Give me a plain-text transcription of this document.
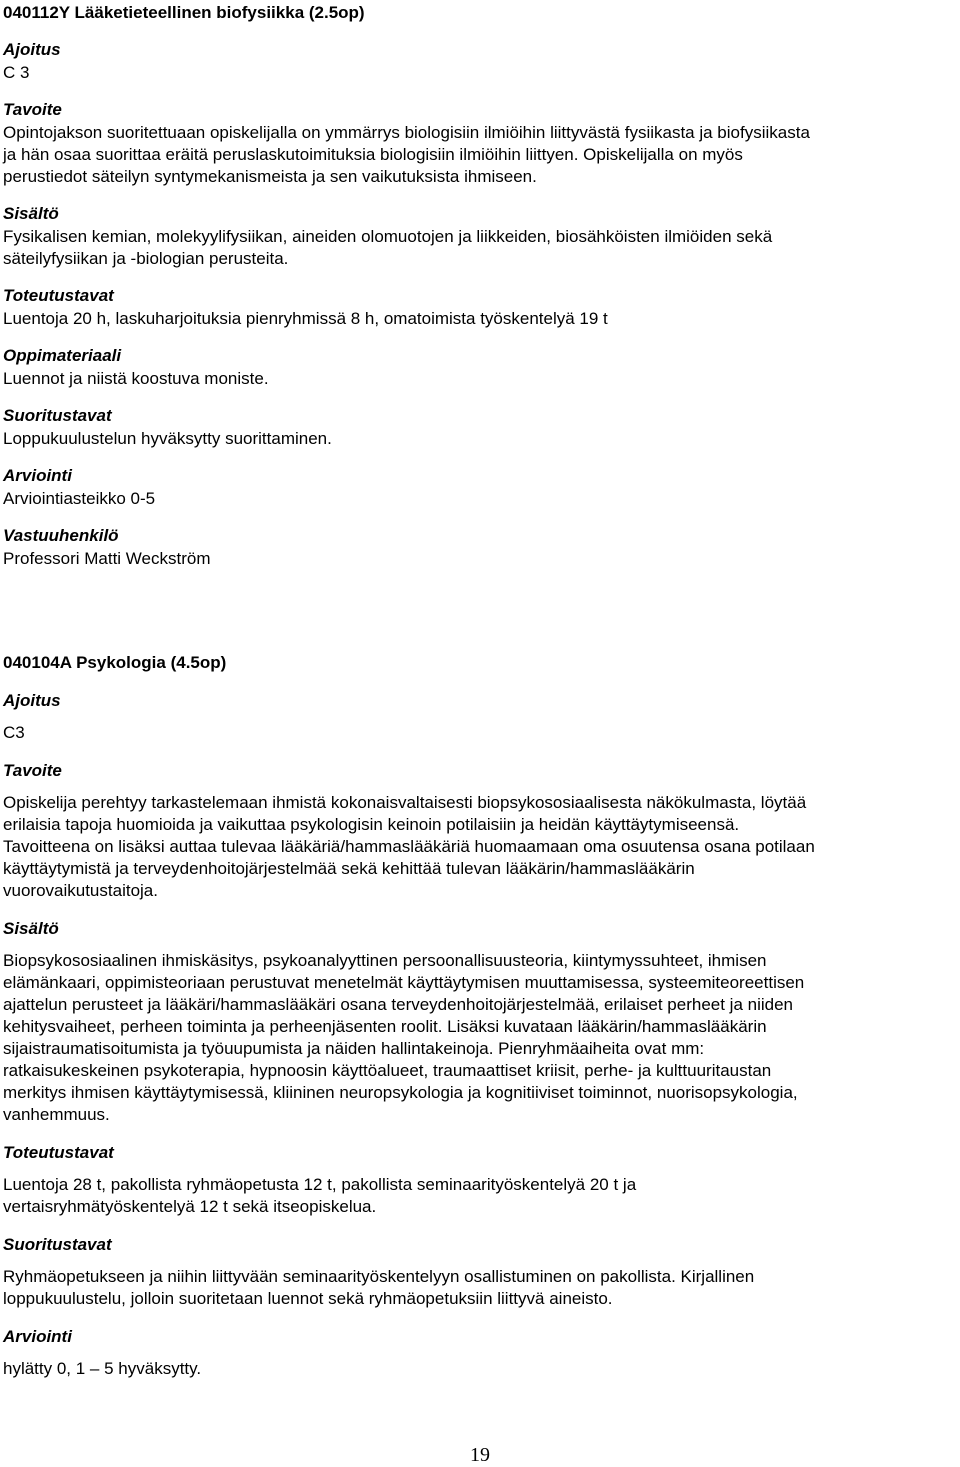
040112Y Lääketieteellinen biofysiikka (2.5op)

Ajoitus

C 3

Tavoite

Opintojakson suoritettuaan opiskelijalla on ymmärrys biologisiin ilmiöihin liittyvästä fysiikasta ja biofysiikasta
ja hän osaa suorittaa eräitä peruslaskutoimituksia biologisiin ilmiöihin liittyen. Opiskelijalla on myös
perustiedot säteilyn syntymekanismeista ja sen vaikutuksista ihmiseen.

Sisältö

Fysikalisen kemian, molekyylifysiikan, aineiden olomuotojen ja liikkeiden, biosähköisten ilmiöiden sekä
säteilyfysiikan ja -biologian perusteita.

Toteutustavat

Luentoja 20 h, laskuharjoituksia pienryhmissä 8 h, omatoimista työskentelyä 19 t

Oppimateriaali

Luennot ja niistä koostuva moniste.

Suoritustavat

Loppukuulustelun hyväksytty suorittaminen.

Arviointi

Arviointiasteikko 0-5

Vastuuhenkilö

Professori Matti Weckström

040104A Psykologia (4.5op)

Ajoitus

C3

Tavoite

Opiskelija perehtyy tarkastelemaan ihmistä kokonaisvaltaisesti biopsykososiaalisesta näkökulmasta, löytää
erilaisia tapoja huomioida ja vaikuttaa psykologisin keinoin potilaisiin ja heidän käyttäytymiseensä.
Tavoitteena on lisäksi auttaa tulevaa lääkäriä/hammaslääkäriä huomaamaan oma osuutensa osana potilaan
käyttäytymistä ja terveydenhoitojärjestelmää sekä kehittää tulevan lääkärin/hammaslääkärin
vuorovaikutustaitoja.

Sisältö

Biopsykososiaalinen ihmiskäsitys, psykoanalyyttinen persoonallisuusteoria, kiintymyssuhteet, ihmisen
elämänkaari, oppimisteoriaan perustuvat menetelmät käyttäytymisen muuttamisessa, systeemiteoreettisen
ajattelun perusteet ja lääkäri/hammaslääkäri osana terveydenhoitojärjestelmää, erilaiset perheet ja niiden
kehitysvaiheet, perheen toiminta ja perheenjäsenten roolit. Lisäksi kuvataan lääkärin/hammaslääkärin
sijaistraumatisoitumista ja työuupumista ja näiden hallintakeinoja. Pienryhmäaiheita ovat mm:
ratkaisukeskeinen psykoterapia, hypnoosin käyttöalueet, traumaattiset kriisit, perhe- ja kulttuuritaustan
merkitys ihmisen käyttäytymisessä, kliininen neuropsykologia ja kognitiiviset toiminnot, nuorisopsykologia,
vanhemmuus.

Toteutustavat

Luentoja 28 t, pakollista ryhmäopetusta 12 t, pakollista seminaarityöskentelyä 20 t ja
vertaisryhmätyöskentelyä 12 t sekä itseopiskelua.

Suoritustavat

Ryhmäopetukseen ja niihin liittyvään seminaarityöskentelyyn osallistuminen on pakollista. Kirjallinen
loppukuulustelu, jolloin suoritetaan luennot sekä ryhmäopetuksiin liittyvä aineisto.

Arviointi

hylätty 0, 1 – 5 hyväksytty.

19
